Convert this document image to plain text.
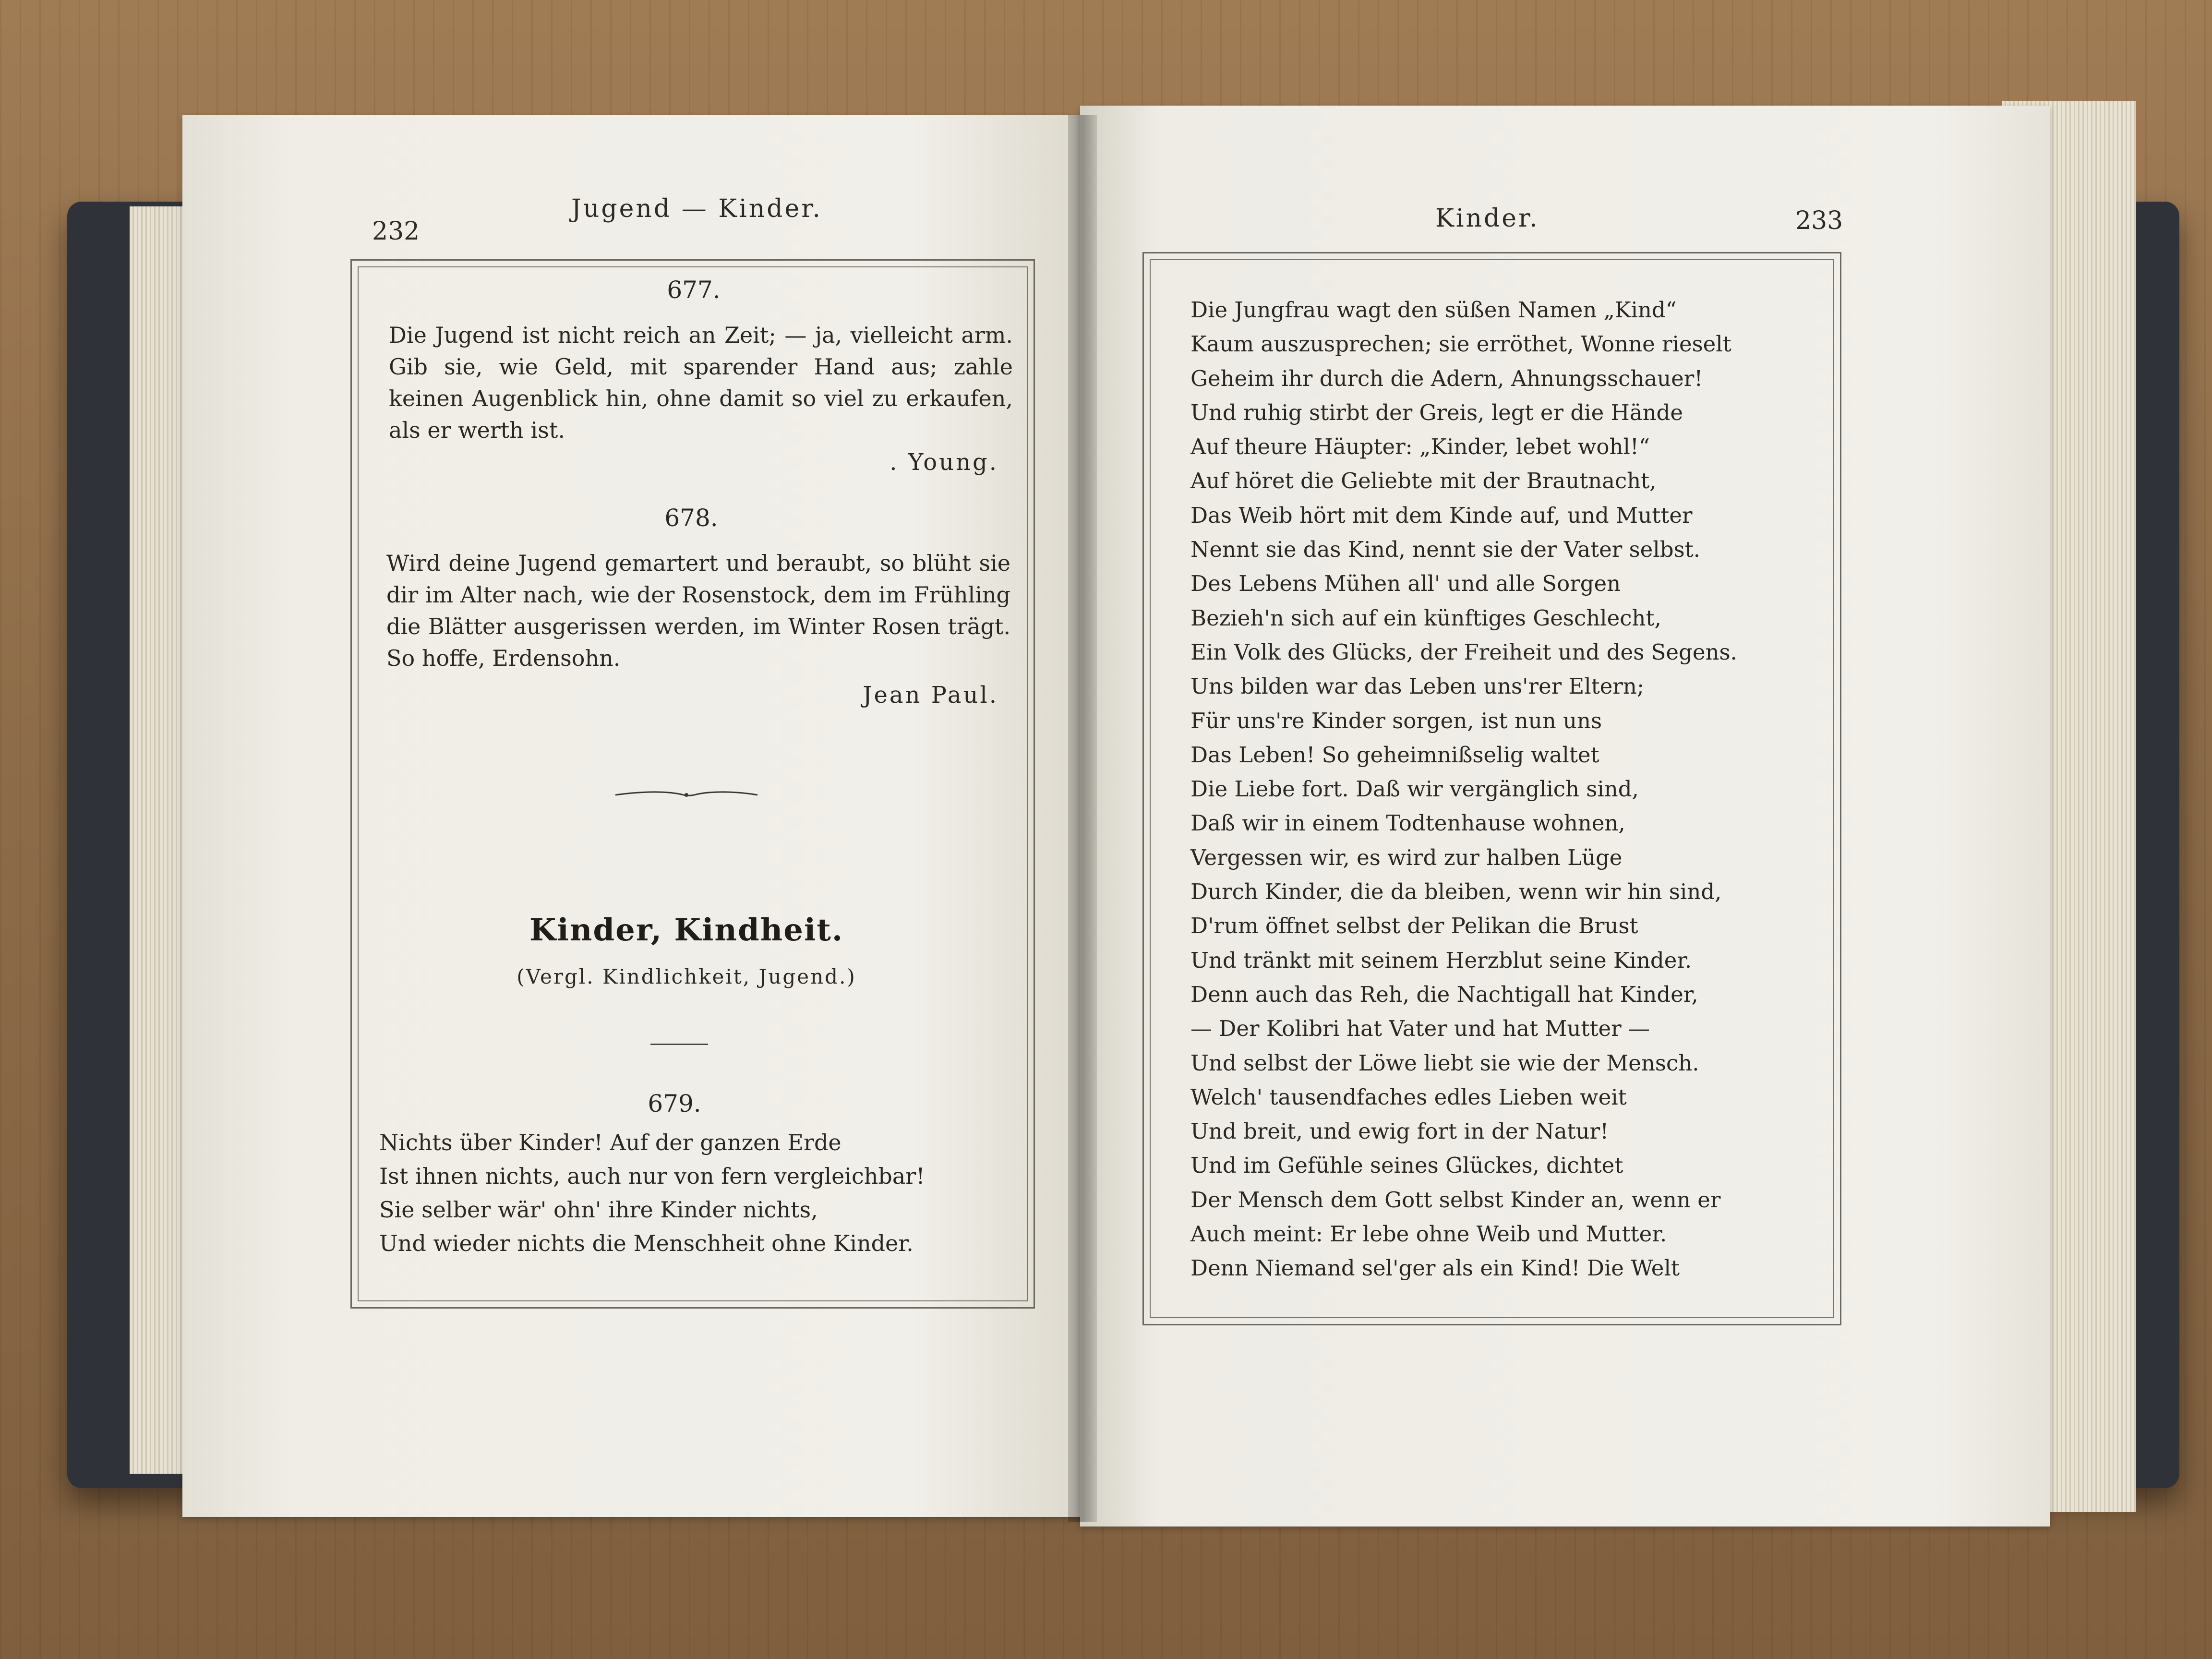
232
Jugend — Kinder.	Kinder.	233
677.
Die Jugend ist nicht reich an Zeit; — ja, vielleicht arm. Gib sie, wie Geld, mit sparender Hand aus; zahle keinen Augenblick hin, ohne damit so viel zu erkaufen, als er werth ist.
. Young.
678.
Wird deine Jugend gemartert und beraubt, so blüht sie dir im Alter nach, wie der Rosenstock, dem im Frühling die Blätter ausgerissen werden, im Winter Rosen trägt. So hoffe, Erdensohn.
Jean Paul.
Kinder, Kindheit.
(Vergl. Kindlichkeit, Jugend.)
679.
Nichts über Kinder! Auf der ganzen Erde
Ist ihnen nichts, auch nur von fern vergleichbar!
Sie selber wär' ohn' ihre Kinder nichts,
Und wieder nichts die Menschheit ohne Kinder.
Die Jungfrau wagt den süßen Namen „Kind“
Kaum auszusprechen; sie erröthet, Wonne rieselt
Geheim ihr durch die Adern, Ahnungsschauer!
Und ruhig stirbt der Greis, legt er die Hände
Auf theure Häupter: „Kinder, lebet wohl!“
Auf höret die Geliebte mit der Brautnacht,
Das Weib hört mit dem Kinde auf, und Mutter
Nennt sie das Kind, nennt sie der Vater selbst.
Des Lebens Mühen all' und alle Sorgen
Bezieh'n sich auf ein künftiges Geschlecht,
Ein Volk des Glücks, der Freiheit und des Segens.
Uns bilden war das Leben uns'rer Eltern;
Für uns're Kinder sorgen, ist nun uns
Das Leben! So geheimnißselig waltet
Die Liebe fort. Daß wir vergänglich sind,
Daß wir in einem Todtenhause wohnen,
Vergessen wir, es wird zur halben Lüge
Durch Kinder, die da bleiben, wenn wir hin sind,
D'rum öffnet selbst der Pelikan die Brust
Und tränkt mit seinem Herzblut seine Kinder.
Denn auch das Reh, die Nachtigall hat Kinder,
— Der Kolibri hat Vater und hat Mutter —
Und selbst der Löwe liebt sie wie der Mensch.
Welch' tausendfaches edles Lieben weit
Und breit, und ewig fort in der Natur!
Und im Gefühle seines Glückes, dichtet
Der Mensch dem Gott selbst Kinder an, wenn er
Auch meint: Er lebe ohne Weib und Mutter.
Denn Niemand sel'ger als ein Kind! Die Welt
